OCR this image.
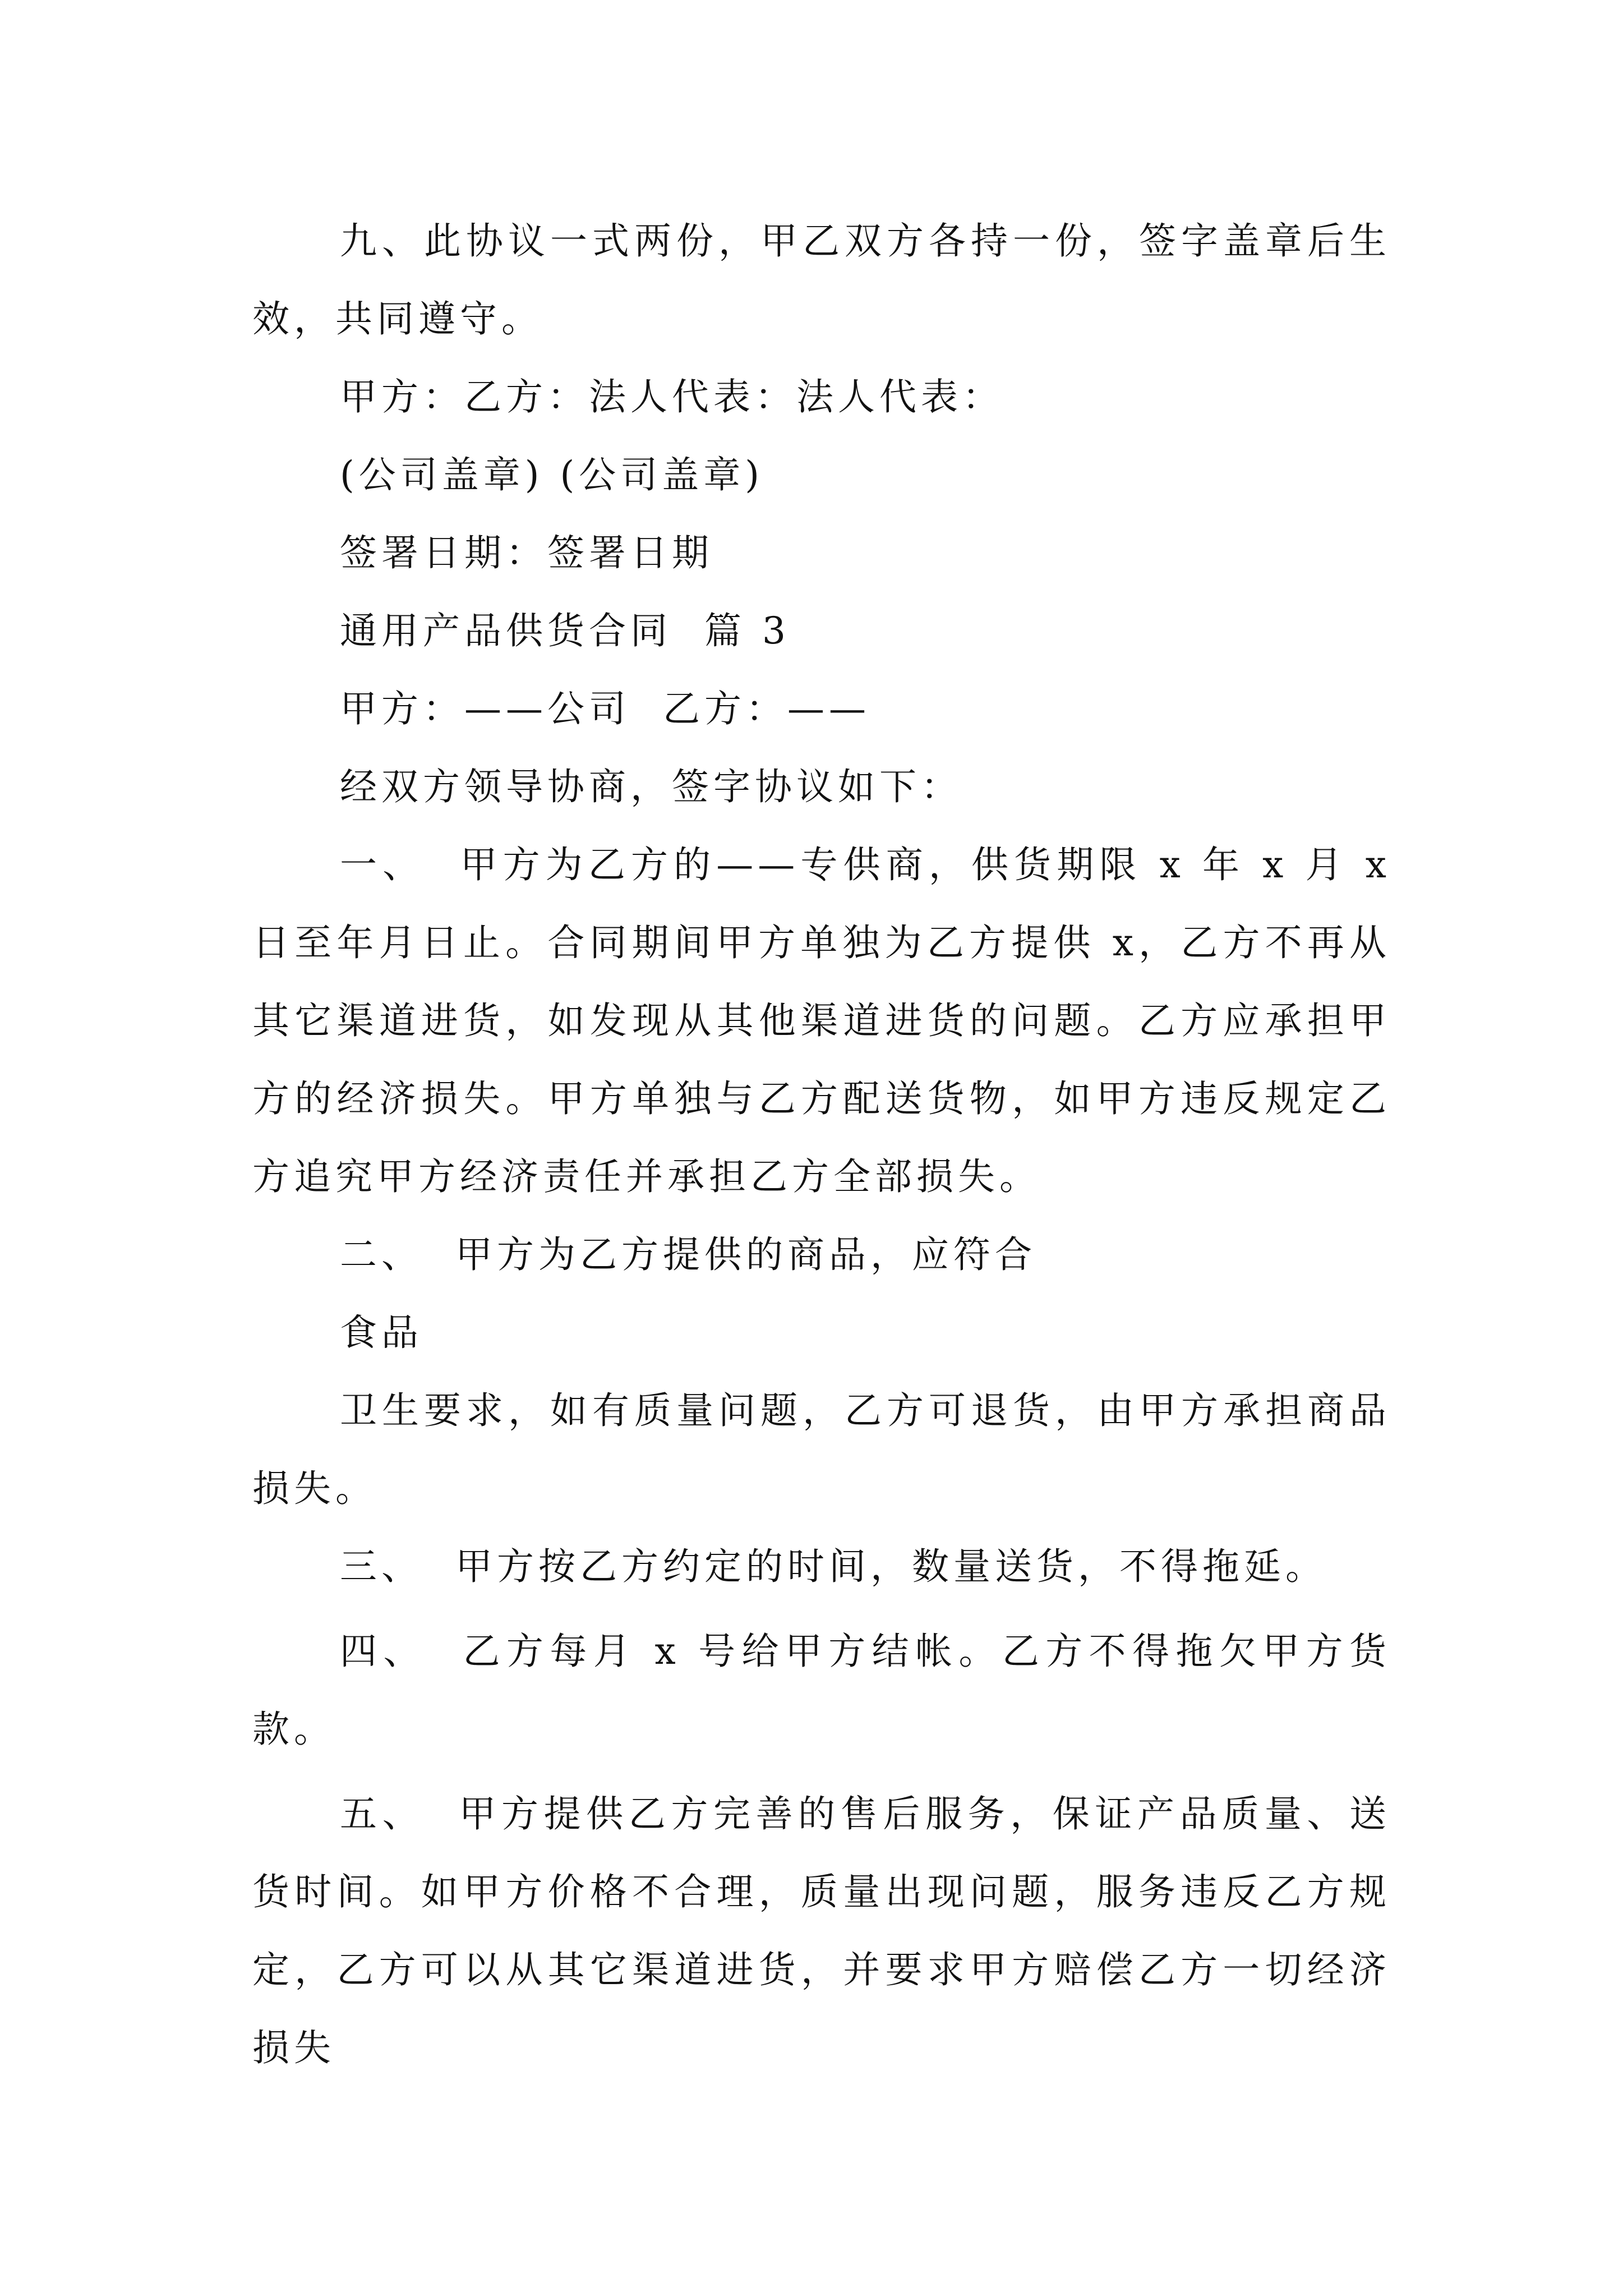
九、此协议一式两份，甲乙双方各持一份，签字盖章后生效，共同遵守。

甲方：乙方：法人代表：法人代表：

(公司盖章) (公司盖章)

签署日期：签署日期

通用产品供货合同  篇 3

甲方：——公司  乙方：——

经双方领导协商，签字协议如下：

一、  甲方为乙方的——专供商，供货期限 x 年 x 月 x 日至年月日止。合同期间甲方单独为乙方提供 x，乙方不再从其它渠道进货，如发现从其他渠道进货的问题。乙方应承担甲方的经济损失。甲方单独与乙方配送货物，如甲方违反规定乙方追究甲方经济责任并承担乙方全部损失。

二、  甲方为乙方提供的商品，应符合

食品

卫生要求，如有质量问题，乙方可退货，由甲方承担商品损失。

三、  甲方按乙方约定的时间，数量送货，不得拖延。

四、  乙方每月 x 号给甲方结帐。乙方不得拖欠甲方货款。

五、  甲方提供乙方完善的售后服务，保证产品质量、送货时间。如甲方价格不合理，质量出现问题，服务违反乙方规定，乙方可以从其它渠道进货，并要求甲方赔偿乙方一切经济损失
